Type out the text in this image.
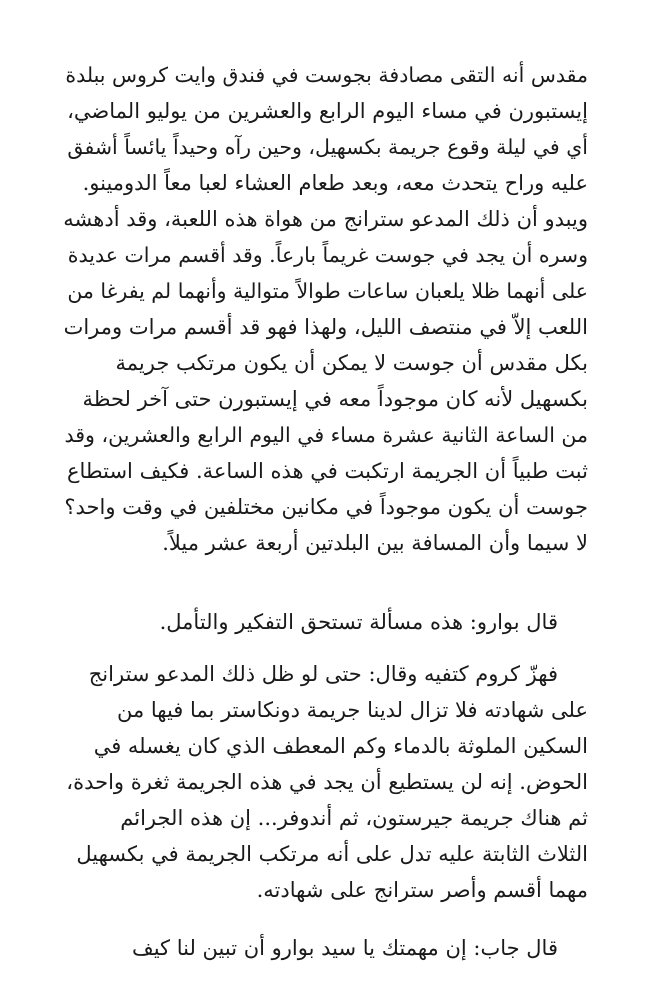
مقدس أنه التقى مصادفة بجوست في فندق وايت كروس ببلدة
إيستبورن في مساء اليوم الرابع والعشرين من يوليو الماضي،
أي في ليلة وقوع جريمة بكسهيل، وحين رآه وحيداً يائساً أشفق
عليه وراح يتحدث معه، وبعد طعام العشاء لعبا معاً الدومينو.
ويبدو أن ذلك المدعو سترانج من هواة هذه اللعبة، وقد أدهشه
وسره أن يجد في جوست غريماً بارعاً. وقد أقسم مرات عديدة
على أنهما ظلا يلعبان ساعات طوالاً متوالية وأنهما لم يفرغا من
اللعب إلاّ في منتصف الليل، ولهذا فهو قد أقسم مرات ومرات
بكل مقدس أن جوست لا يمكن أن يكون مرتكب جريمة
بكسهيل لأنه كان موجوداً معه في إيستبورن حتى آخر لحظة
من الساعة الثانية عشرة مساء في اليوم الرابع والعشرين، وقد
ثبت طبياً أن الجريمة ارتكبت في هذه الساعة. فكيف استطاع
جوست أن يكون موجوداً في مكانين مختلفين في وقت واحد؟
لا سيما وأن المسافة بين البلدتين أربعة عشر ميلاً.
قال بوارو: هذه مسألة تستحق التفكير والتأمل.
فهزّ كروم كتفيه وقال: حتى لو ظل ذلك المدعو سترانج
على شهادته فلا تزال لدينا جريمة دونكاستر بما فيها من
السكين الملوثة بالدماء وكم المعطف الذي كان يغسله في
الحوض. إنه لن يستطيع أن يجد في هذه الجريمة ثغرة واحدة،
ثم هناك جريمة جيرستون، ثم أندوفر... إن هذه الجرائم
الثلاث الثابتة عليه تدل على أنه مرتكب الجريمة في بكسهيل
مهما أقسم وأصر سترانج على شهادته.
قال جاب: إن مهمتك يا سيد بوارو أن تبين لنا كيف
